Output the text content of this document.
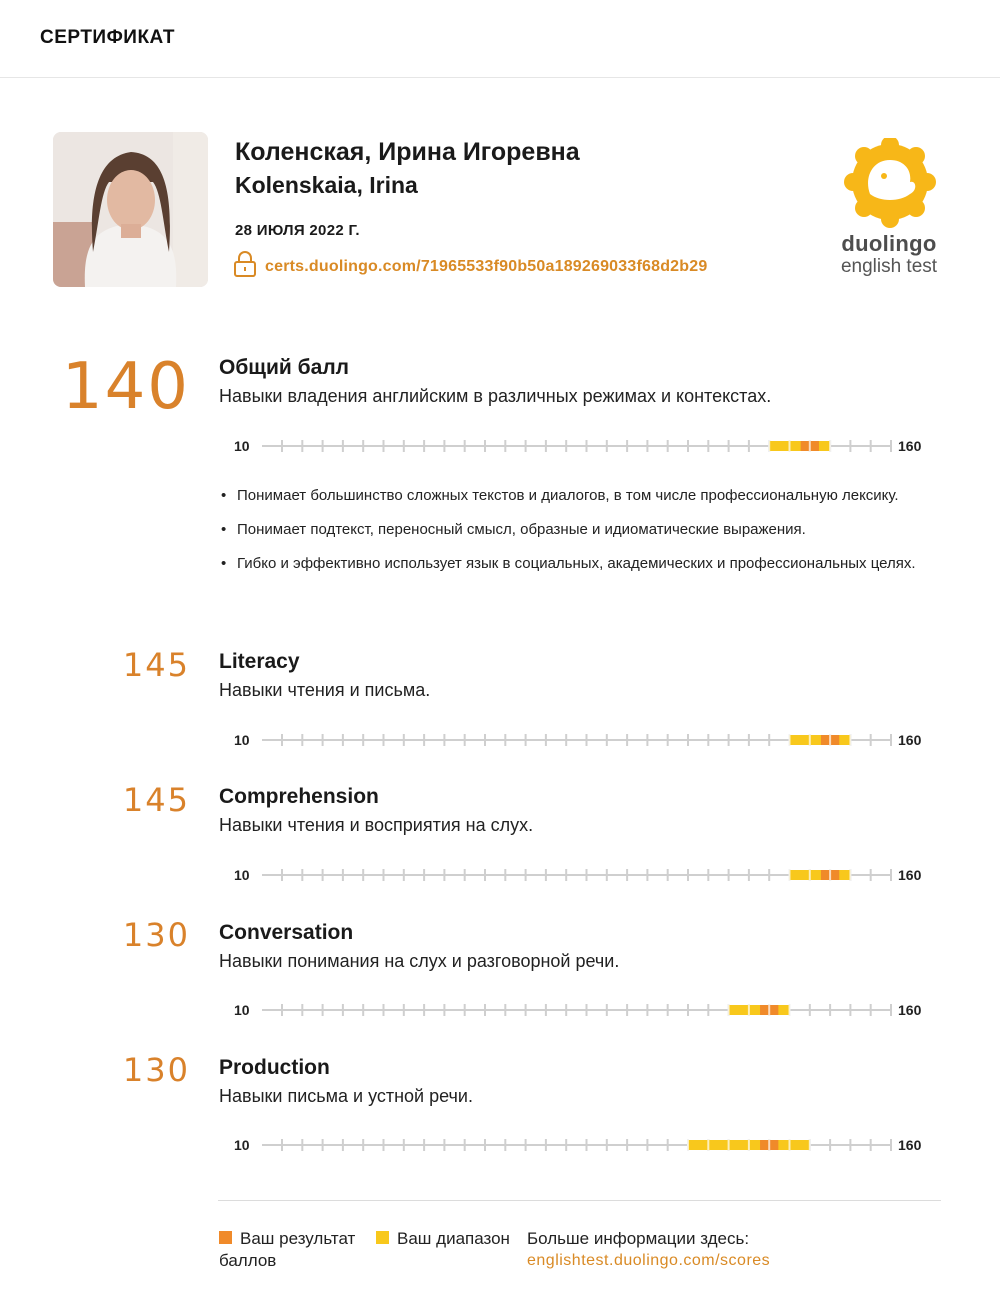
СЕРТИФИКАТ
Коленская, Ирина Игоревна
Kolenskaia, Irina
28 ИЮЛЯ 2022 Г.
certs.duolingo.com/71965533f90b50a189269033f68d2b29
duolingo
english test
140 Общий балл
Навыки владения английским в различных режимах и контекстах.
10	160
• Понимает большинство сложных текстов и диалогов, в том числе профессиональную лексику.
• Понимает подтекст, переносный смысл, образные и идиоматические выражения.
• Гибко и эффективно использует язык в социальных, академических и профессиональных целях.
145 Literacy
Навыки чтения и письма.
10	160
145 Comprehension
Навыки чтения и восприятия на слух.
10	160
130 Conversation
Навыки понимания на слух и разговорной речи.
10	160
130 Production
Навыки письма и устной речи.
10	160
Ваш результат баллов
Ваш диапазон Больше информации здесь:
englishtest.duolingo.com/scores
